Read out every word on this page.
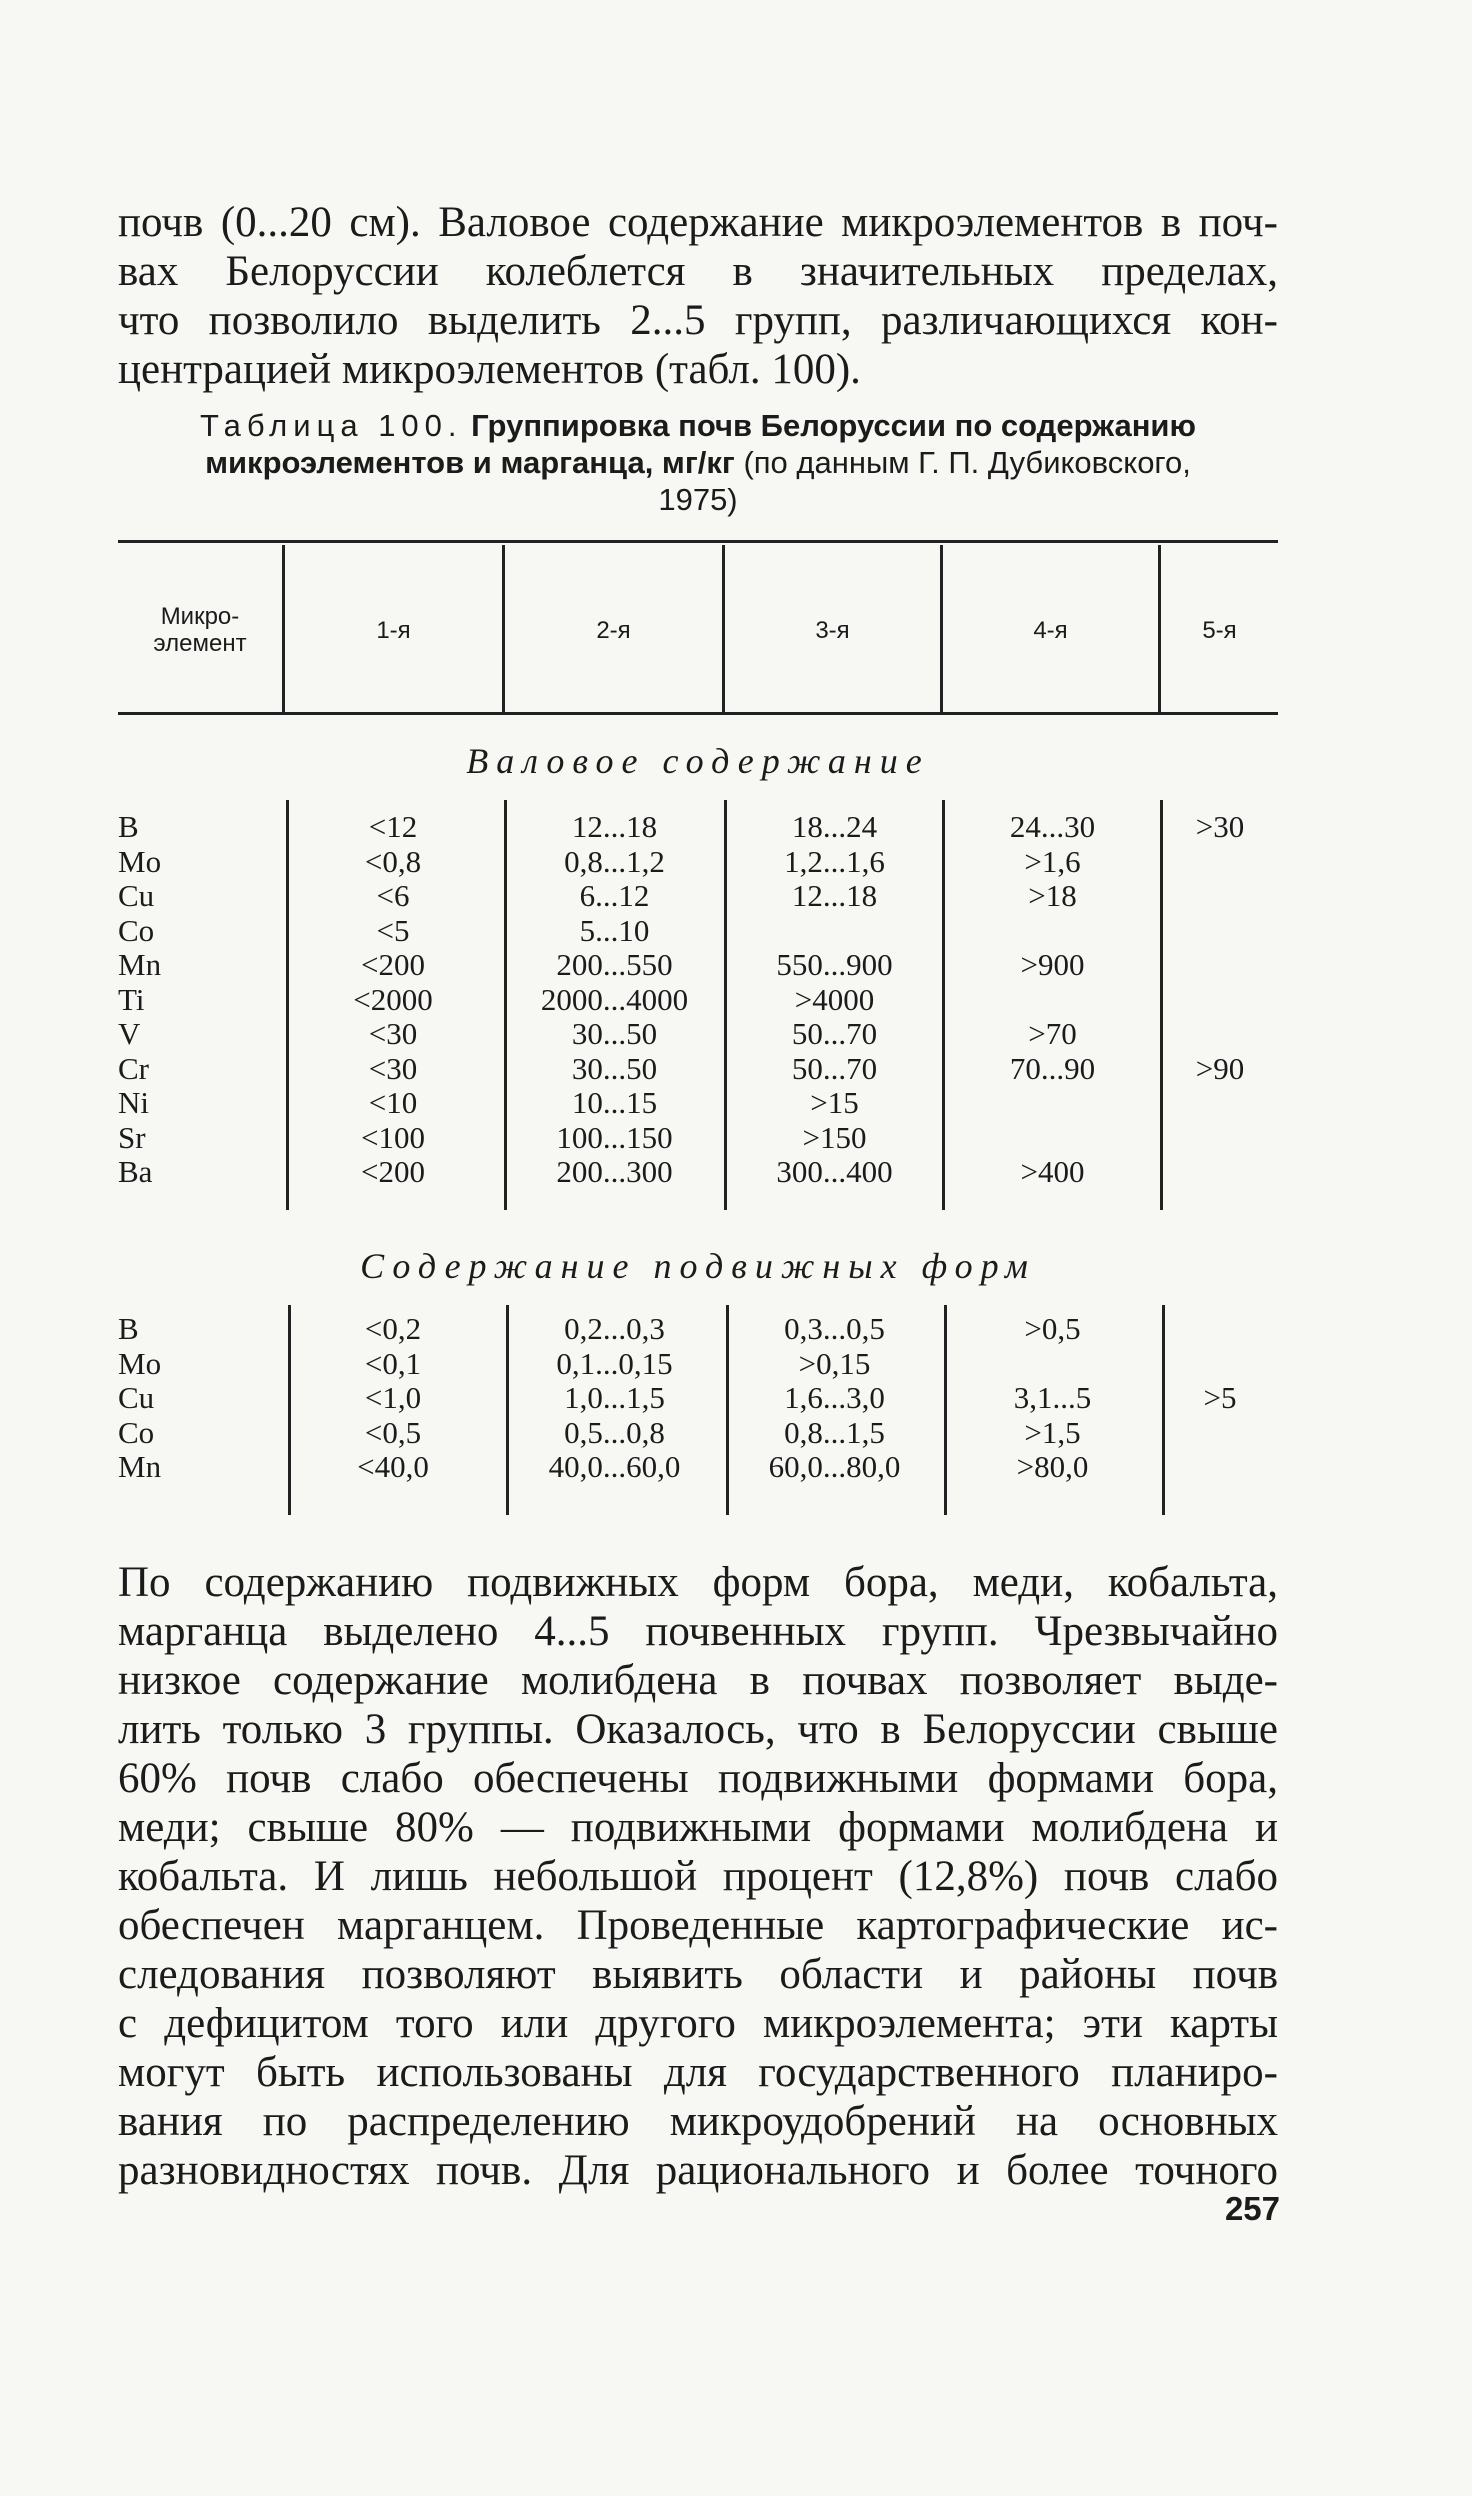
почв (0...20 см). Валовое содержание микроэлементов в поч-
вах Белоруссии колеблется в значительных пределах,
что позволило выделить 2...5 групп, различающихся кон-
центрацией микроэлементов (табл. 100).
Таблица 100. Группировка почв Белоруссии по содержанию
микроэлементов и марганца, мг/кг (по данным Г. П. Дубиковского,
1975)
Микро-
элемент	1-я	2-я	3-я	4-я	5-я
Валовое содержание
B	<12	12...18	18...24	24...30	>30
Mo	<0,8	0,8...1,2	1,2...1,6	>1,6
Cu	<6	6...12	12...18	>18
Co	<5	5...10
Mn	<200	200...550	550...900	>900
Ti	<2000	2000...4000	>4000
V	<30	30...50	50...70	>70
Cr	<30	30...50	50...70	70...90	>90
Ni	<10	10...15	>15
Sr	<100	100...150	>150
Ba	<200	200...300	300...400	>400
Содержание подвижных форм
B	<0,2	0,2...0,3	0,3...0,5	>0,5
Mo	<0,1	0,1...0,15	>0,15
Cu	<1,0	1,0...1,5	1,6...3,0	3,1...5	>5
Co	<0,5	0,5...0,8	0,8...1,5	>1,5
Mn	<40,0	40,0...60,0	60,0...80,0	>80,0
По содержанию подвижных форм бора, меди, кобальта,
марганца выделено 4...5 почвенных групп. Чрезвычайно
низкое содержание молибдена в почвах позволяет выде-
лить только 3 группы. Оказалось, что в Белоруссии свыше
60% почв слабо обеспечены подвижными формами бора,
меди; свыше 80% — подвижными формами молибдена и
кобальта. И лишь небольшой процент (12,8%) почв слабо
обеспечен марганцем. Проведенные картографические ис-
следования позволяют выявить области и районы почв
с дефицитом того или другого микроэлемента; эти карты
могут быть использованы для государственного планиро-
вания по распределению микроудобрений на основных
разновидностях почв. Для рационального и более точного
257
